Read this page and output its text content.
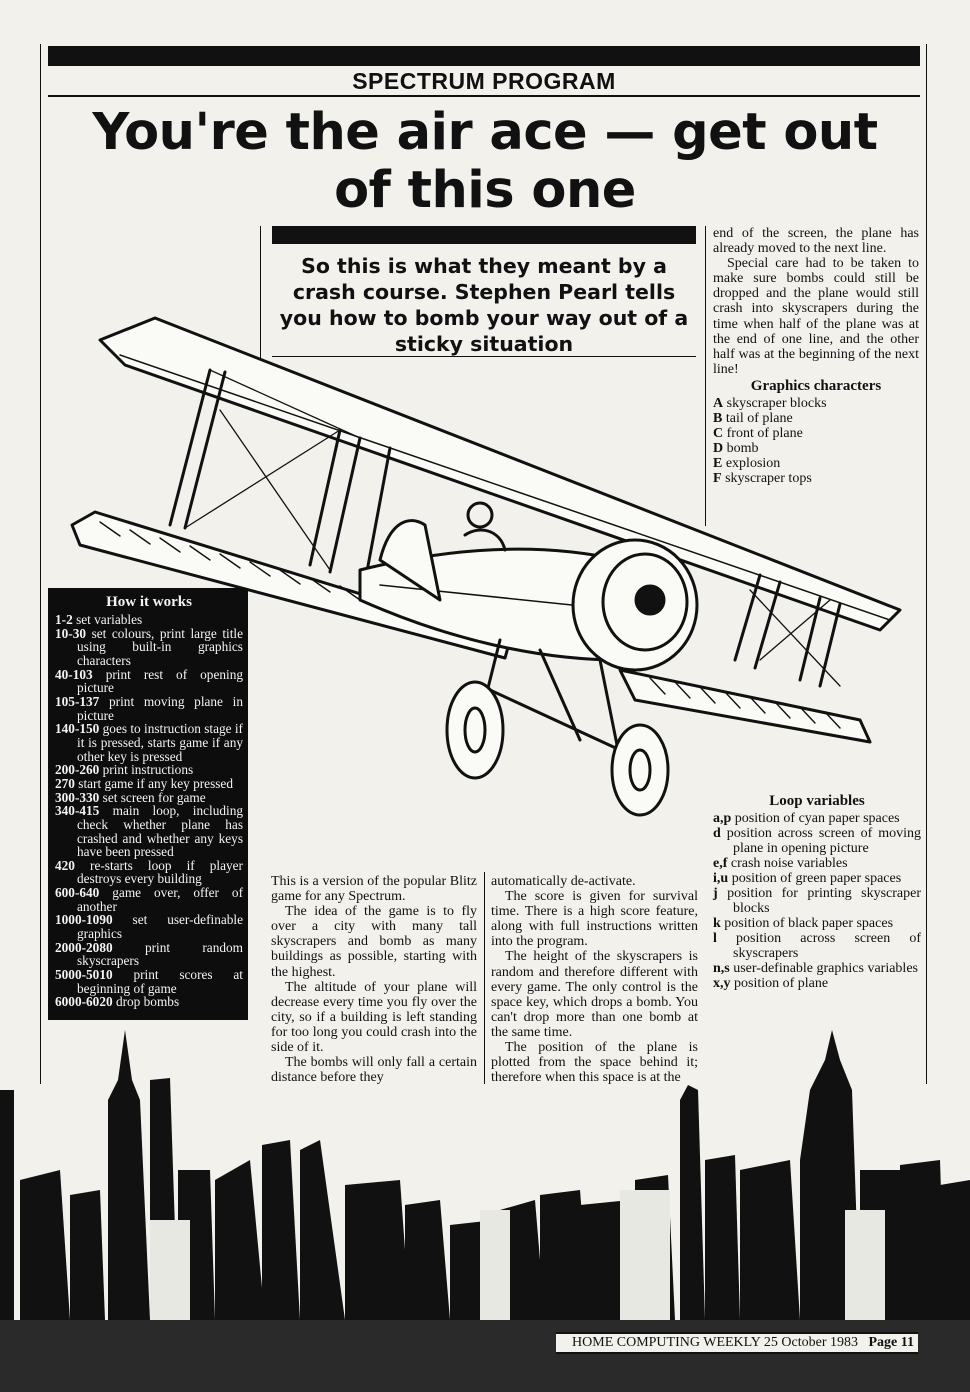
SPECTRUM PROGRAM
You're the air ace — get out of this one
So this is what they meant by a crash course. Stephen Pearl tells you how to bomb your way out of a sticky situation
How it works
1-2 set variables
10-30 set colours, print large title using built-in graphics characters
40-103 print rest of opening picture
105-137 print moving plane in picture
140-150 goes to instruction stage if it is pressed, starts game if any other key is pressed
200-260 print instructions
270 start game if any key pressed
300-330 set screen for game
340-415 main loop, including check whether plane has crashed and whether any keys have been pressed
420 re-starts loop if player destroys every building
600-640 game over, offer of another
1000-1090 set user-definable graphics
2000-2080 print random skyscrapers
5000-5010 print scores at beginning of game
6000-6020 drop bombs

This is a version of the popular Blitz game for any Spectrum.

The idea of the game is to fly over a city with many tall skyscrapers and bomb as many buildings as possible, starting with the highest.

The altitude of your plane will decrease every time you fly over the city, so if a building is left standing for too long you could crash into the side of it.

The bombs will only fall a certain distance before they

automatically de-activate.

The score is given for survival time. There is a high score feature, along with full instructions written into the program.

The height of the skyscrapers is random and therefore different with every game. The only control is the space key, which drops a bomb. You can't drop more than one bomb at the same time.

The position of the plane is plotted from the space behind it; therefore when this space is at the

end of the screen, the plane has already moved to the next line.

Special care had to be taken to make sure bombs could still be dropped and the plane would still crash into skyscrapers during the time when half of the plane was at the end of one line, and the other half was at the beginning of the next line!

Graphics characters
A skyscraper blocks
B tail of plane
C front of plane
D bomb
E explosion
F skyscraper tops
Loop variables
a,p position of cyan paper spaces
d position across screen of moving plane in opening picture
e,f crash noise variables
i,u position of green paper spaces
j position for printing skyscraper blocks
k position of black paper spaces
l position across screen of skyscrapers
n,s user-definable graphics variables
x,y position of plane
HOME COMPUTING WEEKLY 25 October 1983 Page 11
